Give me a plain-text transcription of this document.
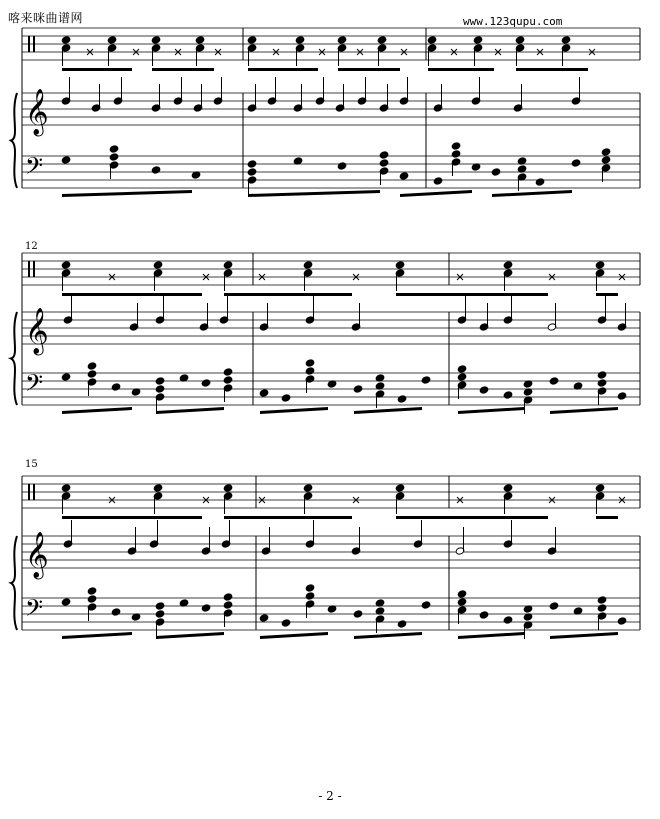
喀来咪曲谱网	www.123qupu.com
𝄞
𝄢
𝄞
𝄢
𝄞
𝄢
12
15
- 2 -
